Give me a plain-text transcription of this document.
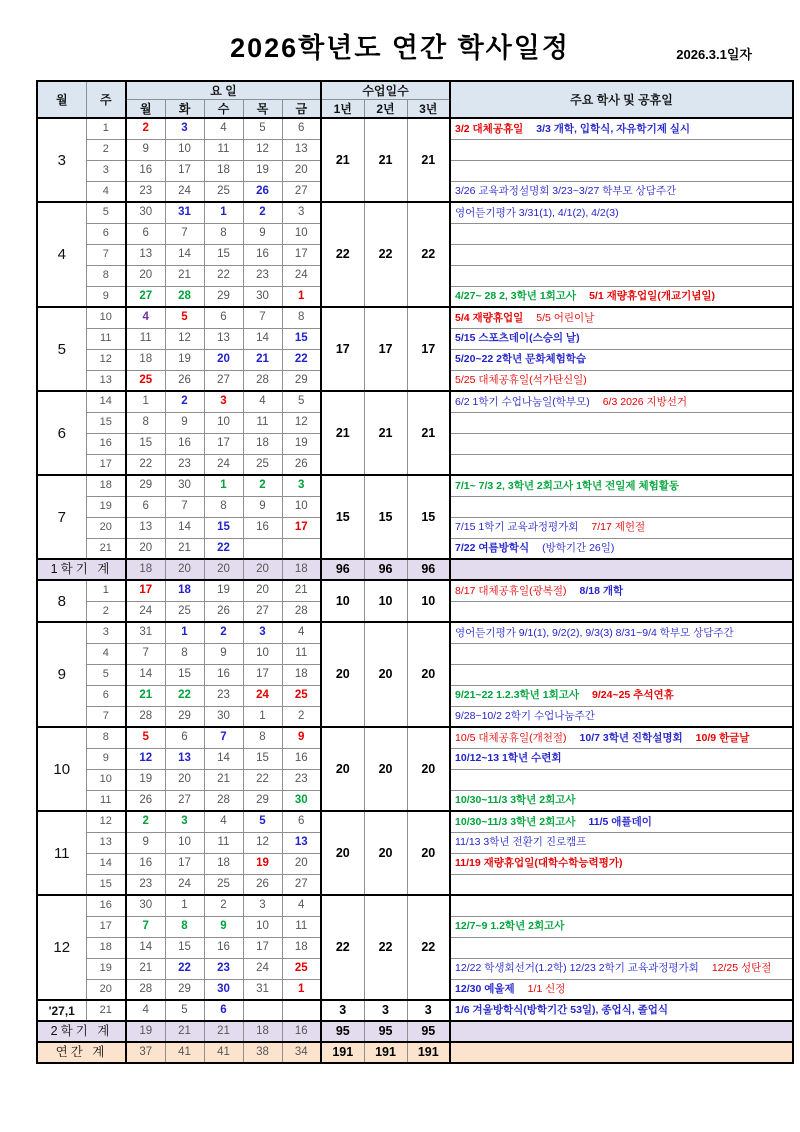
2026학년도 연간 학사일정	2026.3.1일자
월	주	요 일					수업일수			주요 학사 및 공휴일
		월	화	수	목	금	1년	2년	3년	
3	1	2	3	4	5	6	21	21	21	3/2 대체공휴일 3/3 개학, 입학식, 자유학기제 실시
	2	9	10	11	12	13				
	3	16	17	18	19	20				
	4	23	24	25	26	27				3/26 교육과정설명회 3/23~3/27 학부모 상담주간
4	5	30	31	1	2	3	22	22	22	영어듣기평가 3/31(1), 4/1(2), 4/2(3)
	6	6	7	8	9	10				
	7	13	14	15	16	17				
	8	20	21	22	23	24				
	9	27	28	29	30	1				4/27~ 28 2, 3학년 1회고사 5/1 재량휴업일(개교기념일)
5	10	4	5	6	7	8	17	17	17	5/4 재량휴업일 5/5 어린이날
	11	11	12	13	14	15				5/15 스포츠데이(스승의 날)
	12	18	19	20	21	22				5/20~22 2학년 문화체험학습
	13	25	26	27	28	29				5/25 대체공휴일(석가탄신일)
6	14	1	2	3	4	5	21	21	21	6/2 1학기 수업나눔일(학부모) 6/3 2026 지방선거
	15	8	9	10	11	12				
	16	15	16	17	18	19				
	17	22	23	24	25	26				
7	18	29	30	1	2	3	15	15	15	7/1~ 7/3 2, 3학년 2회고사 1학년 전일제 체험활동
	19	6	7	8	9	10				
	20	13	14	15	16	17				7/15 1학기 교육과정평가회 7/17 제헌절
	21	20	21	22						7/22 여름방학식 (방학기간 26일)
1학기 계		18	20	20	20	18	96	96	96	
8	1	17	18	19	20	21	10	10	10	8/17 대체공휴일(광복절) 8/18 개학
	2	24	25	26	27	28				
9	3	31	1	2	3	4	20	20	20	영어듣기평가 9/1(1), 9/2(2), 9/3(3) 8/31~9/4 학부모 상담주간
	4	7	8	9	10	11				
	5	14	15	16	17	18				
	6	21	22	23	24	25				9/21~22 1.2.3학년 1회고사 9/24~25 추석연휴
	7	28	29	30	1	2				9/28~10/2 2학기 수업나눔주간
10	8	5	6	7	8	9	20	20	20	10/5 대체공휴일(개천절) 10/7 3학년 진학설명회 10/9 한글날
	9	12	13	14	15	16				10/12~13 1학년 수련회
	10	19	20	21	22	23				
	11	26	27	28	29	30				10/30~11/3 3학년 2회고사
11	12	2	3	4	5	6	20	20	20	10/30~11/3 3학년 2회고사 11/5 애플데이
	13	9	10	11	12	13				11/13 3학년 전환기 진로캠프
	14	16	17	18	19	20				11/19 재량휴업일(대학수학능력평가)
	15	23	24	25	26	27				
12	16	30	1	2	3	4	22	22	22	
	17	7	8	9	10	11				12/7~9 1.2학년 2회고사
	18	14	15	16	17	18				
	19	21	22	23	24	25				12/22 학생회선거(1.2학) 12/23 2학기 교육과정평가회 12/25 성탄절
	20	28	29	30	31	1				12/30 예울제 1/1 신정
'27,1	21	4	5	6			3	3	3	1/6 겨울방학식(방학기간 53일), 종업식, 졸업식
2학기 계		19	21	21	18	16	95	95	95	
연간 계		37	41	41	38	34	191	191	191	
